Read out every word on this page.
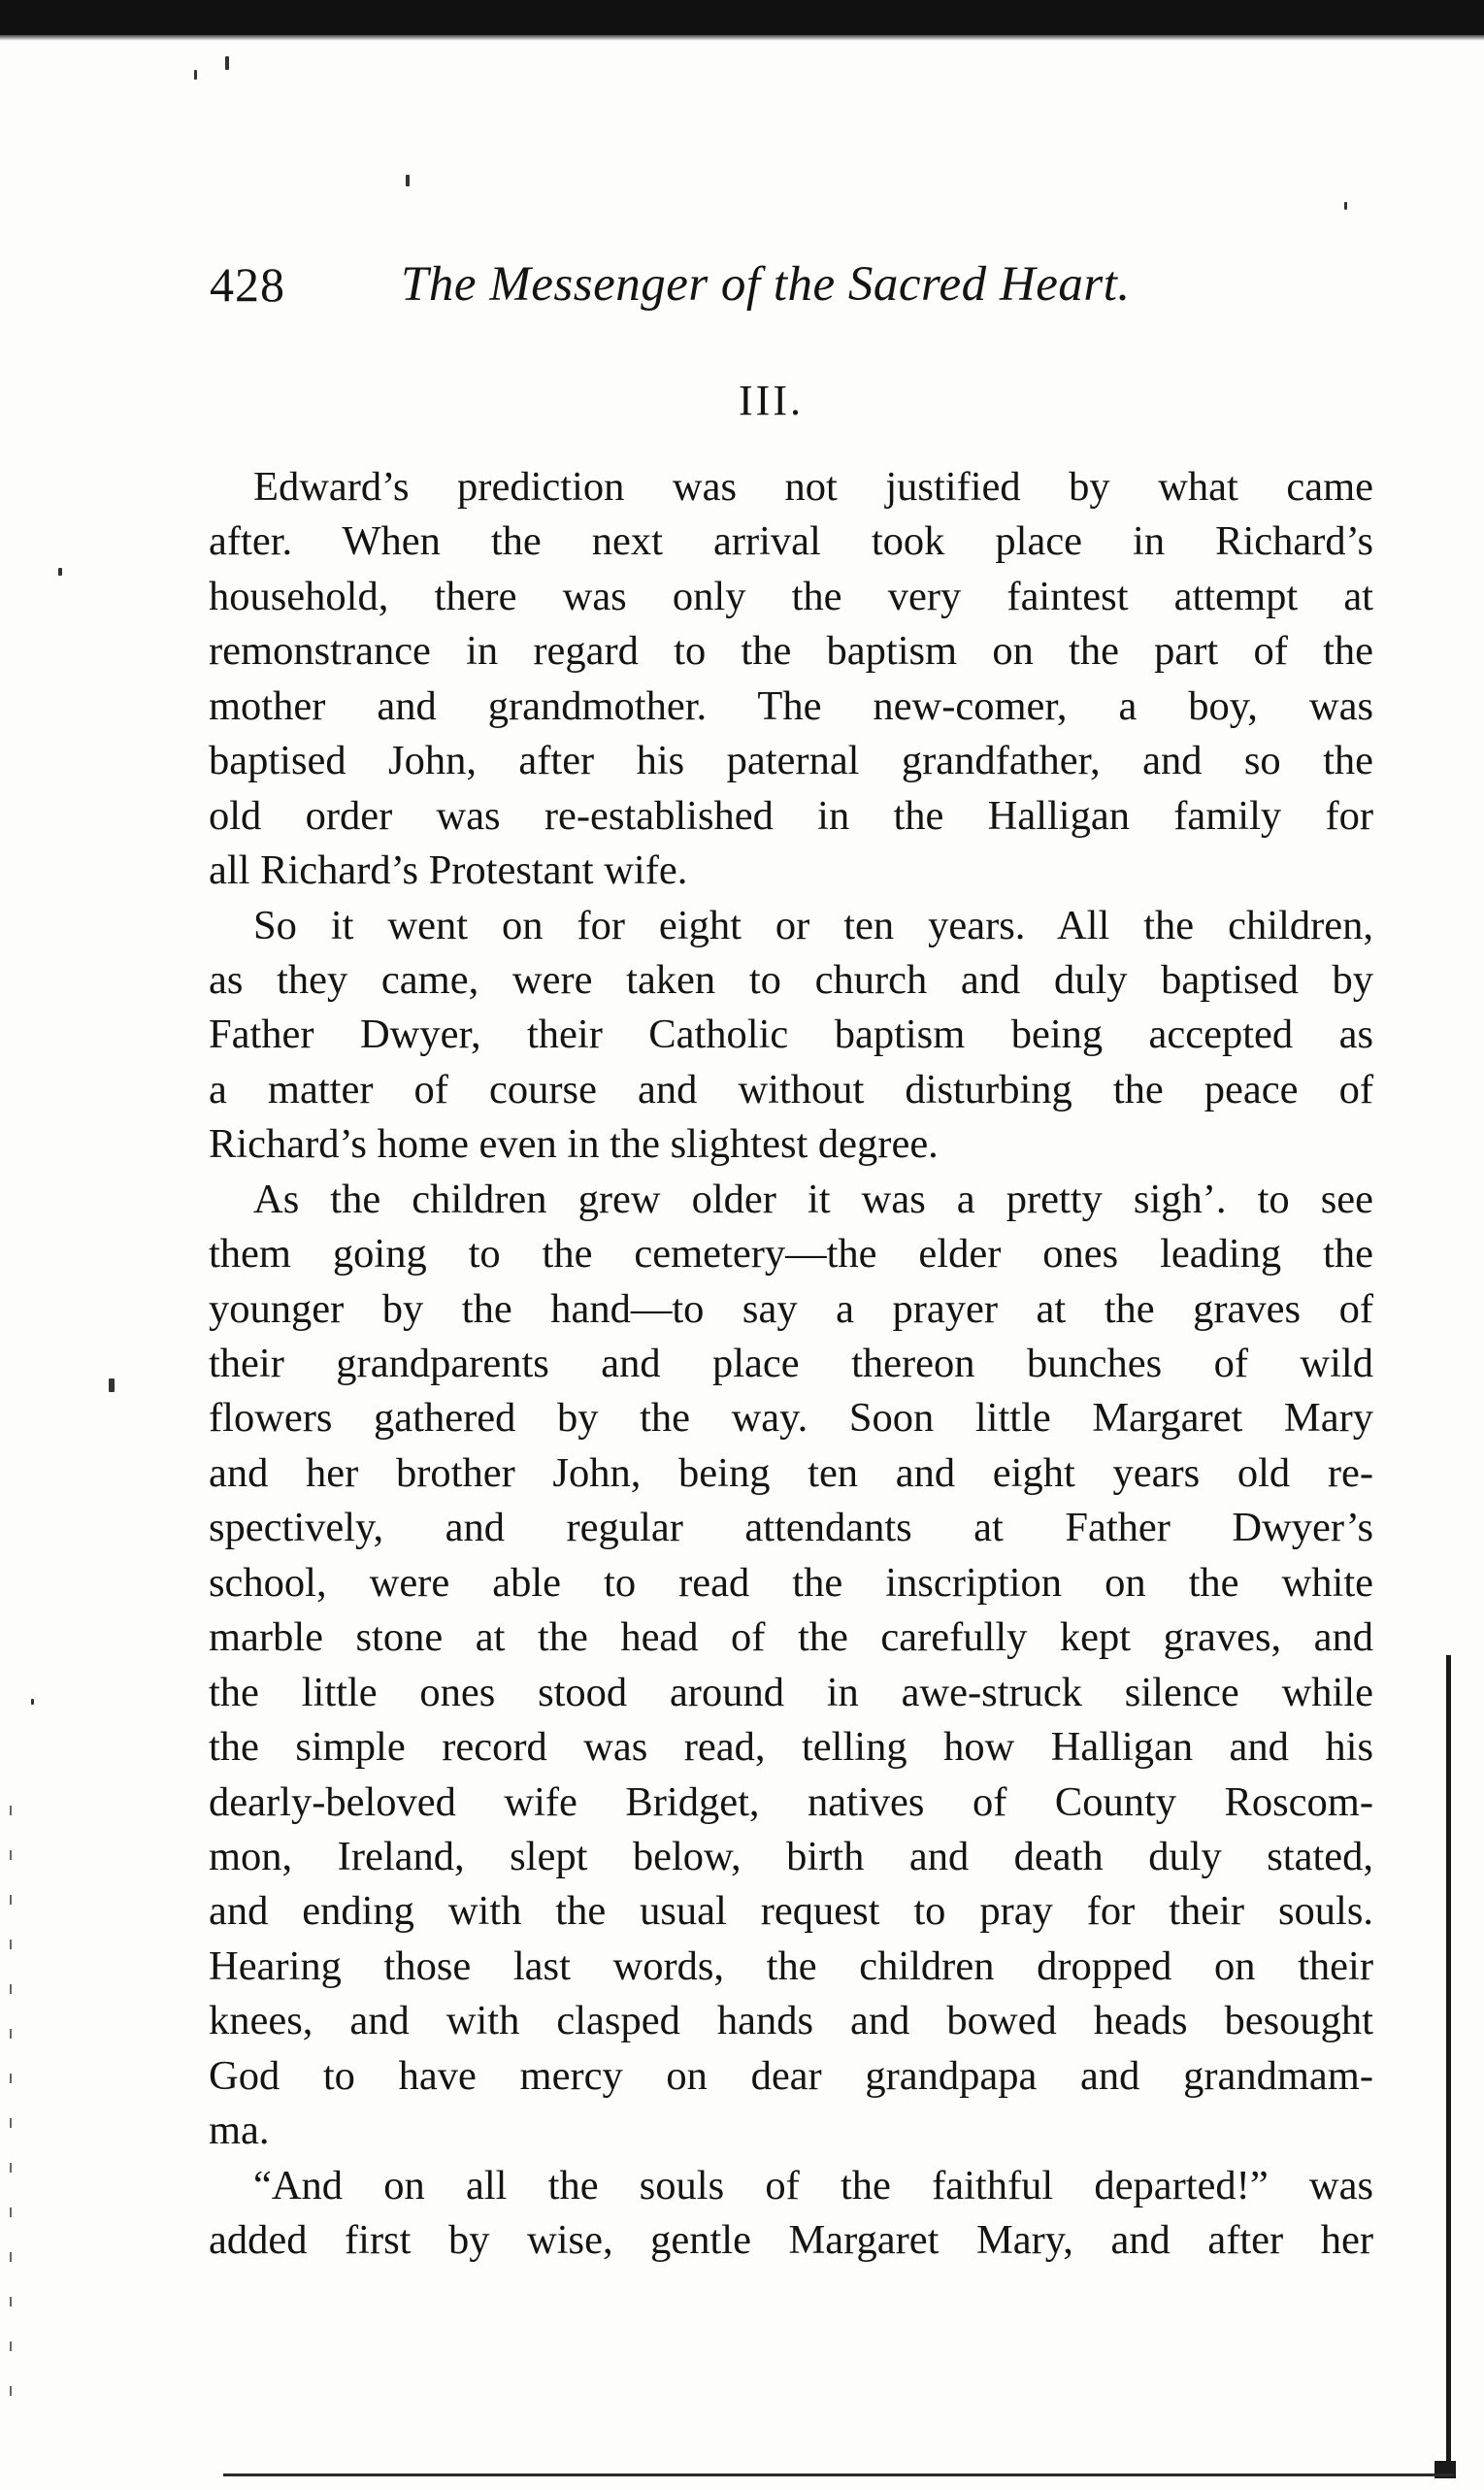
428 The Messenger of the Sacred Heart.
III.
Edward’s prediction was not justified by what came
after. When the next arrival took place in Richard’s
household, there was only the very faintest attempt at
remonstrance in regard to the baptism on the part of the
mother and grandmother. The new-comer, a boy, was
baptised John, after his paternal grandfather, and so the
old order was re-established in the Halligan family for
all Richard’s Protestant wife.
So it went on for eight or ten years. All the children,
as they came, were taken to church and duly baptised by
Father Dwyer, their Catholic baptism being accepted as
a matter of course and without disturbing the peace of
Richard’s home even in the slightest degree.
As the children grew older it was a pretty sigh’. to see
them going to the cemetery—the elder ones leading the
younger by the hand—to say a prayer at the graves of
their grandparents and place thereon bunches of wild
flowers gathered by the way. Soon little Margaret Mary
and her brother John, being ten and eight years old re-
spectively, and regular attendants at Father Dwyer’s
school, were able to read the inscription on the white
marble stone at the head of the carefully kept graves, and
the little ones stood around in awe-struck silence while
the simple record was read, telling how Halligan and his
dearly-beloved wife Bridget, natives of County Roscom-
mon, Ireland, slept below, birth and death duly stated,
and ending with the usual request to pray for their souls.
Hearing those last words, the children dropped on their
knees, and with clasped hands and bowed heads besought
God to have mercy on dear grandpapa and grandmam-
ma.
“And on all the souls of the faithful departed!” was
added first by wise, gentle Margaret Mary, and after her
